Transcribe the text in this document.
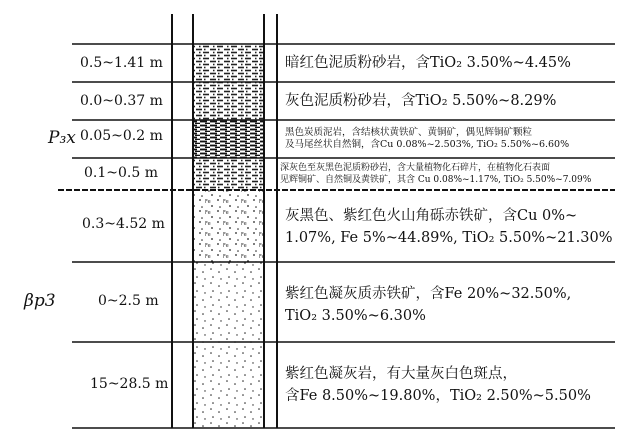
0.5~1.41 m
0.0~0.37 m
0.05~0.2 m
0.1~0.5 m
0.3~4.52 m
0~2.5 m
15~28.5 m
P₃x
βp3
暗红色泥质粉砂岩，含TiO₂ 3.50%~4.45%
灰色泥质粉砂岩，含TiO₂ 5.50%~8.29%
黑色炭质泥岩，含结核状黄铁矿、黄铜矿，偶见辉铜矿颗粒
及马尾丝状自然铜，含Cu 0.08%~2.503%, TiO₂ 5.50%~6.60%
深灰色至灰黑色泥质粉砂岩，含大量植物化石碎片，在植物化石表面
见辉铜矿、自然铜及黄铁矿，其含 Cu 0.08%~1.17%, TiO₂ 5.50%~7.09%
灰黑色、紫红色火山角砾赤铁矿，含Cu 0%~
1.07%, Fe 5%~44.89%, TiO₂ 5.50%~21.30%
紫红色凝灰质赤铁矿，含Fe 20%~32.50%,
TiO₂ 3.50%~6.30%
紫红色凝灰岩，有大量灰白色斑点，
含Fe 8.50%~19.80%，TiO₂ 2.50%~5.50%
